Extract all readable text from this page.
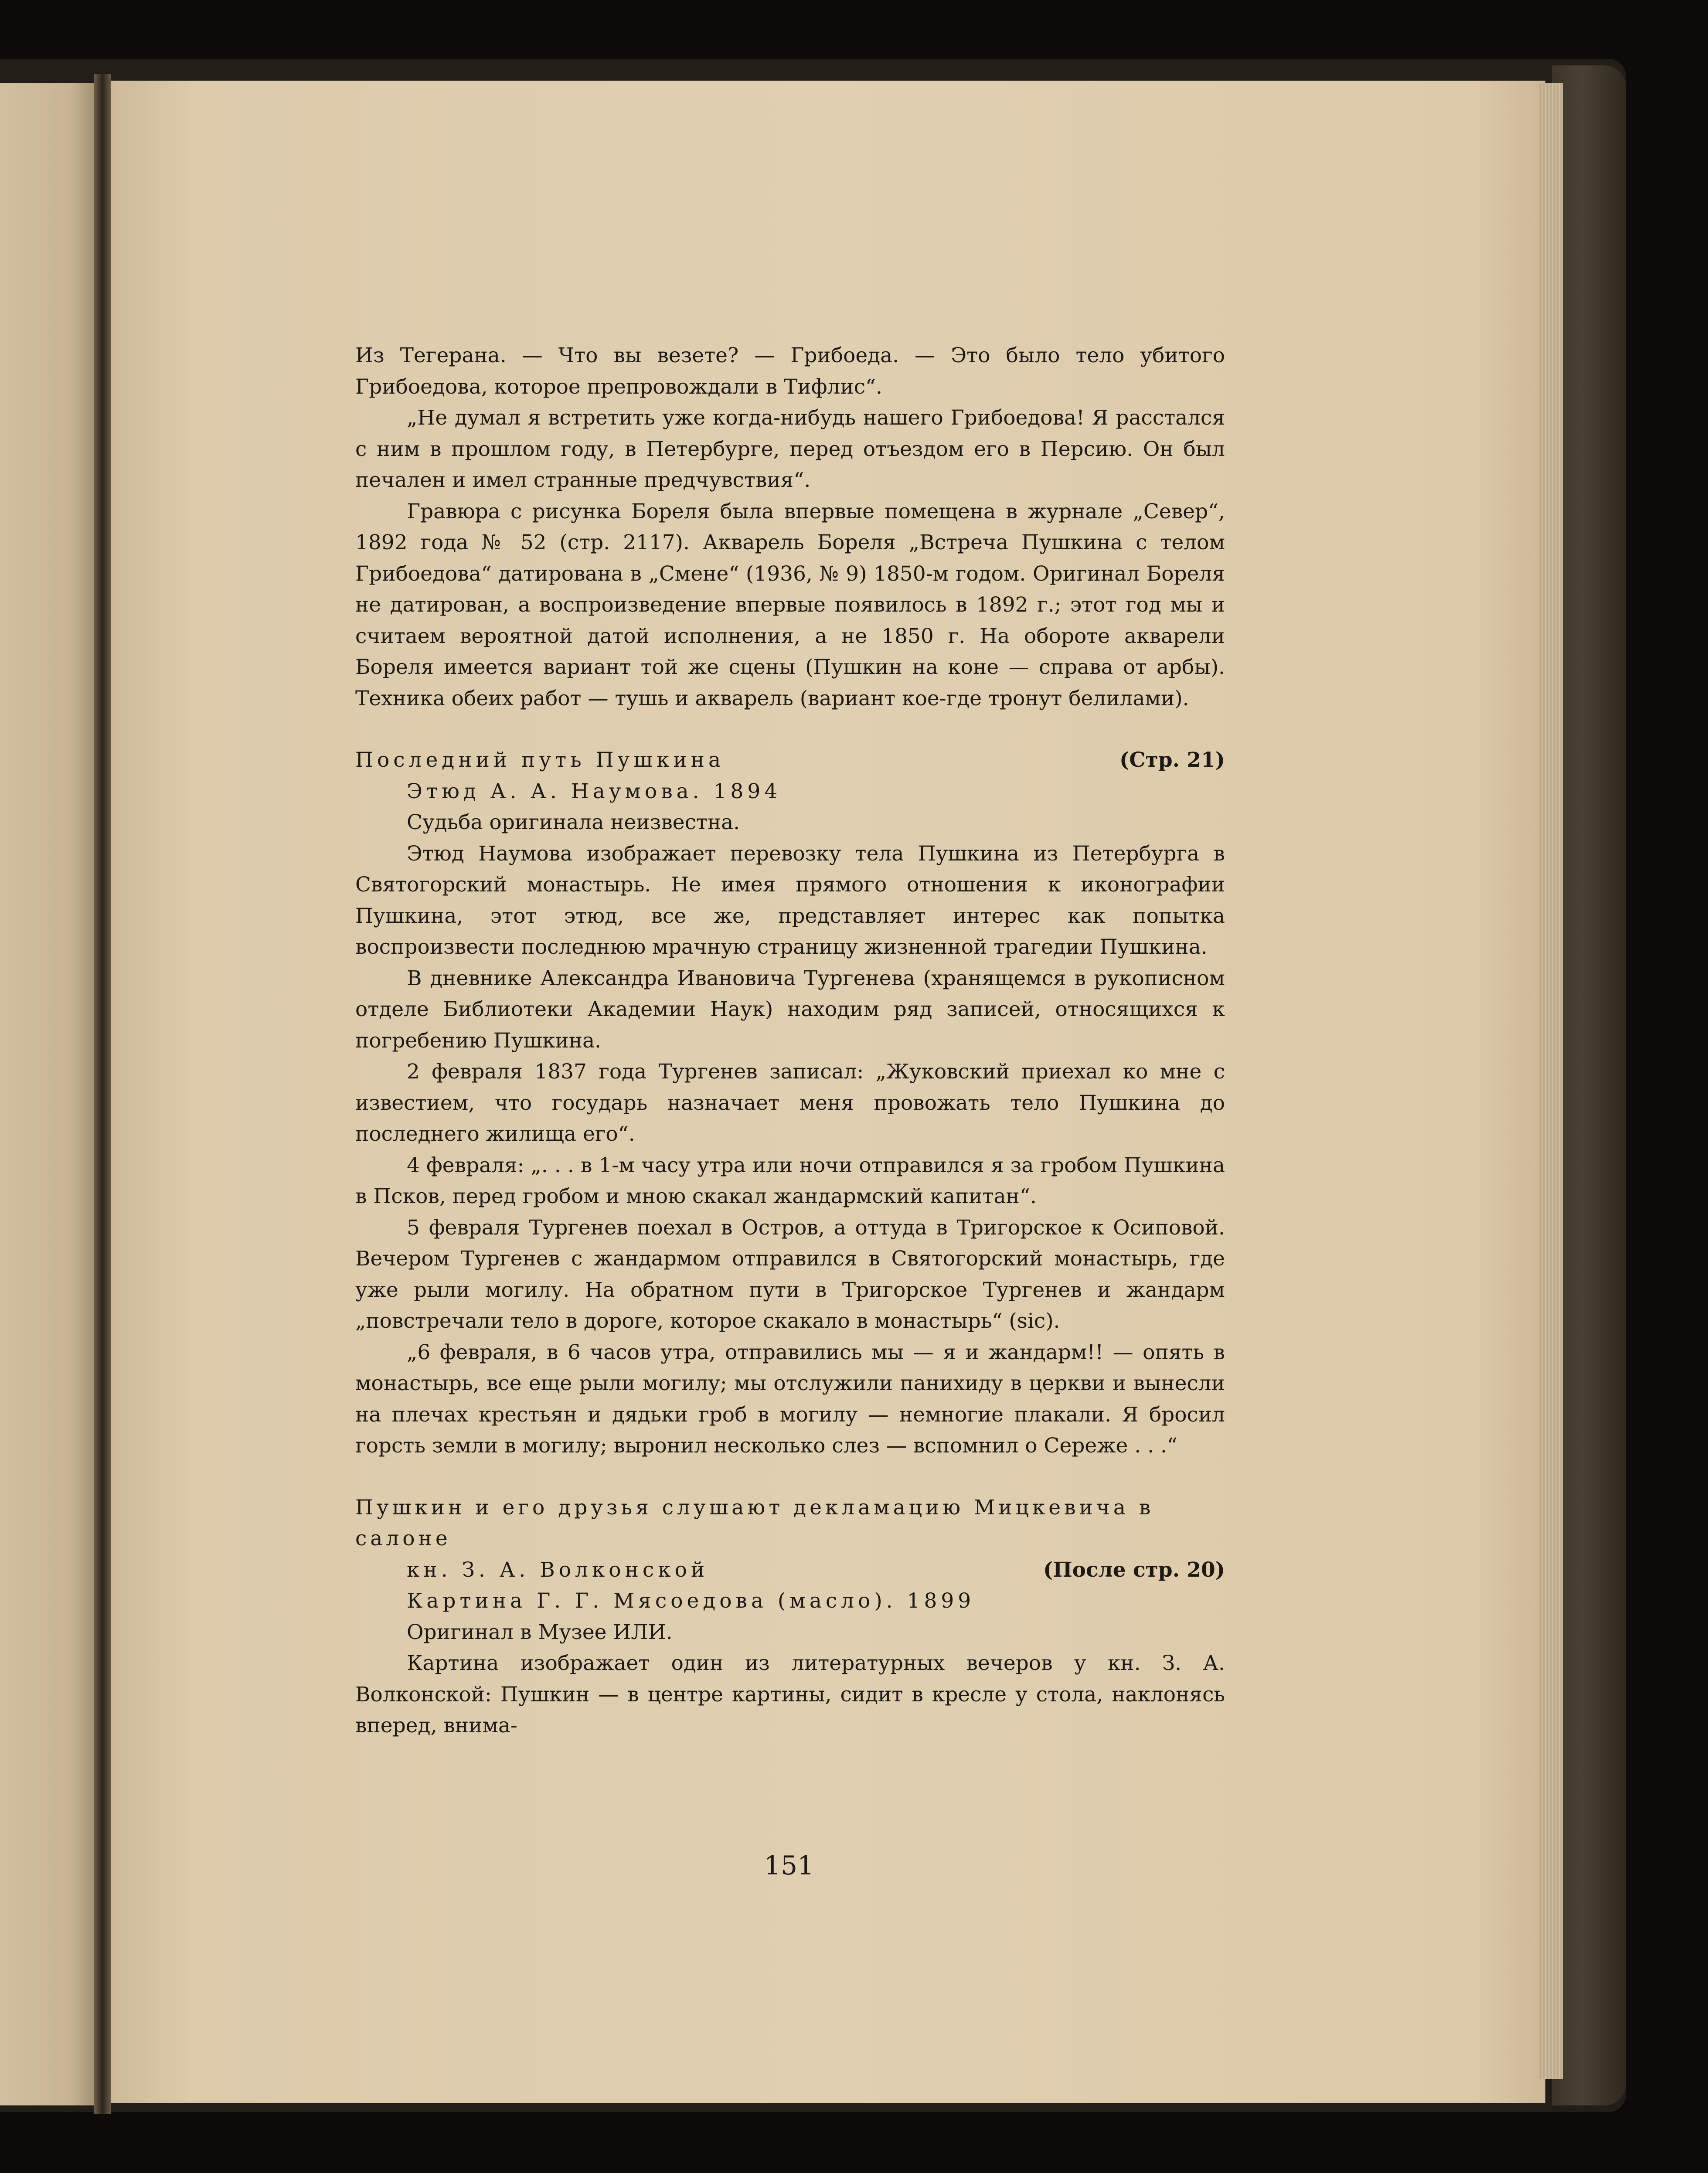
Из Тегерана. — Что вы везете? — Грибоеда. — Это было тело убитого Грибоедова, которое препровождали в Тифлис“.

„Не думал я встретить уже когда-нибудь нашего Грибоедова! Я расстался с ним в прошлом году, в Петербурге, перед отъездом его в Персию. Он был печален и имел странные предчувствия“.

Гравюра с рисунка Бореля была впервые помещена в журнале „Север“, 1892 года № 52 (стр. 2117). Акварель Бореля „Встреча Пушкина с телом Грибоедова“ датирована в „Смене“ (1936, № 9) 1850-м годом. Оригинал Бореля не датирован, а воспроизведение впервые появилось в 1892 г.; этот год мы и считаем вероятной датой исполнения, а не 1850 г. На обороте акварели Бореля имеется вариант той же сцены (Пушкин на коне — справа от арбы). Техника обеих работ — тушь и акварель (вариант кое-где тронут белилами).

Последний путь Пушкина	(Стр. 21)

Этюд А. А. Наумова. 1894

Судьба оригинала неизвестна.

Этюд Наумова изображает перевозку тела Пушкина из Петербурга в Святогорский монастырь. Не имея прямого отношения к иконографии Пушкина, этот этюд, все же, представляет интерес как попытка воспроизвести последнюю мрачную страницу жизненной трагедии Пушкина.

В дневнике Александра Ивановича Тургенева (хранящемся в рукописном отделе Библиотеки Академии Наук) находим ряд записей, относящихся к погребению Пушкина.

2 февраля 1837 года Тургенев записал: „Жуковский приехал ко мне с известием, что государь назначает меня провожать тело Пушкина до последнего жилища его“.

4 февраля: „. . . в 1-м часу утра или ночи отправился я за гробом Пушкина в Псков, перед гробом и мною скакал жандармский капитан“.

5 февраля Тургенев поехал в Остров, а оттуда в Тригорское к Осиповой. Вечером Тургенев с жандармом отправился в Святогорский монастырь, где уже рыли могилу. На обратном пути в Тригорское Тургенев и жандарм „повстречали тело в дороге, которое скакало в монастырь“ (sic).

„6 февраля, в 6 часов утра, отправились мы — я и жандарм!! — опять в монастырь, все еще рыли могилу; мы отслужили панихиду в церкви и вынесли на плечах крестьян и дядьки гроб в могилу — немногие плакали. Я бросил горсть земли в могилу; выронил несколько слез — вспомнил о Сереже . . .“

Пушкин и его друзья слушают декламацию Мицкевича в салоне

кн. З. А. Волконской	(После стр. 20)

Картина Г. Г. Мясоедова (масло). 1899

Оригинал в Музее ИЛИ.

Картина изображает один из литературных вечеров у кн. З. А. Волконской: Пушкин — в центре картины, сидит в кресле у стола, наклонясь вперед, внима-

151
